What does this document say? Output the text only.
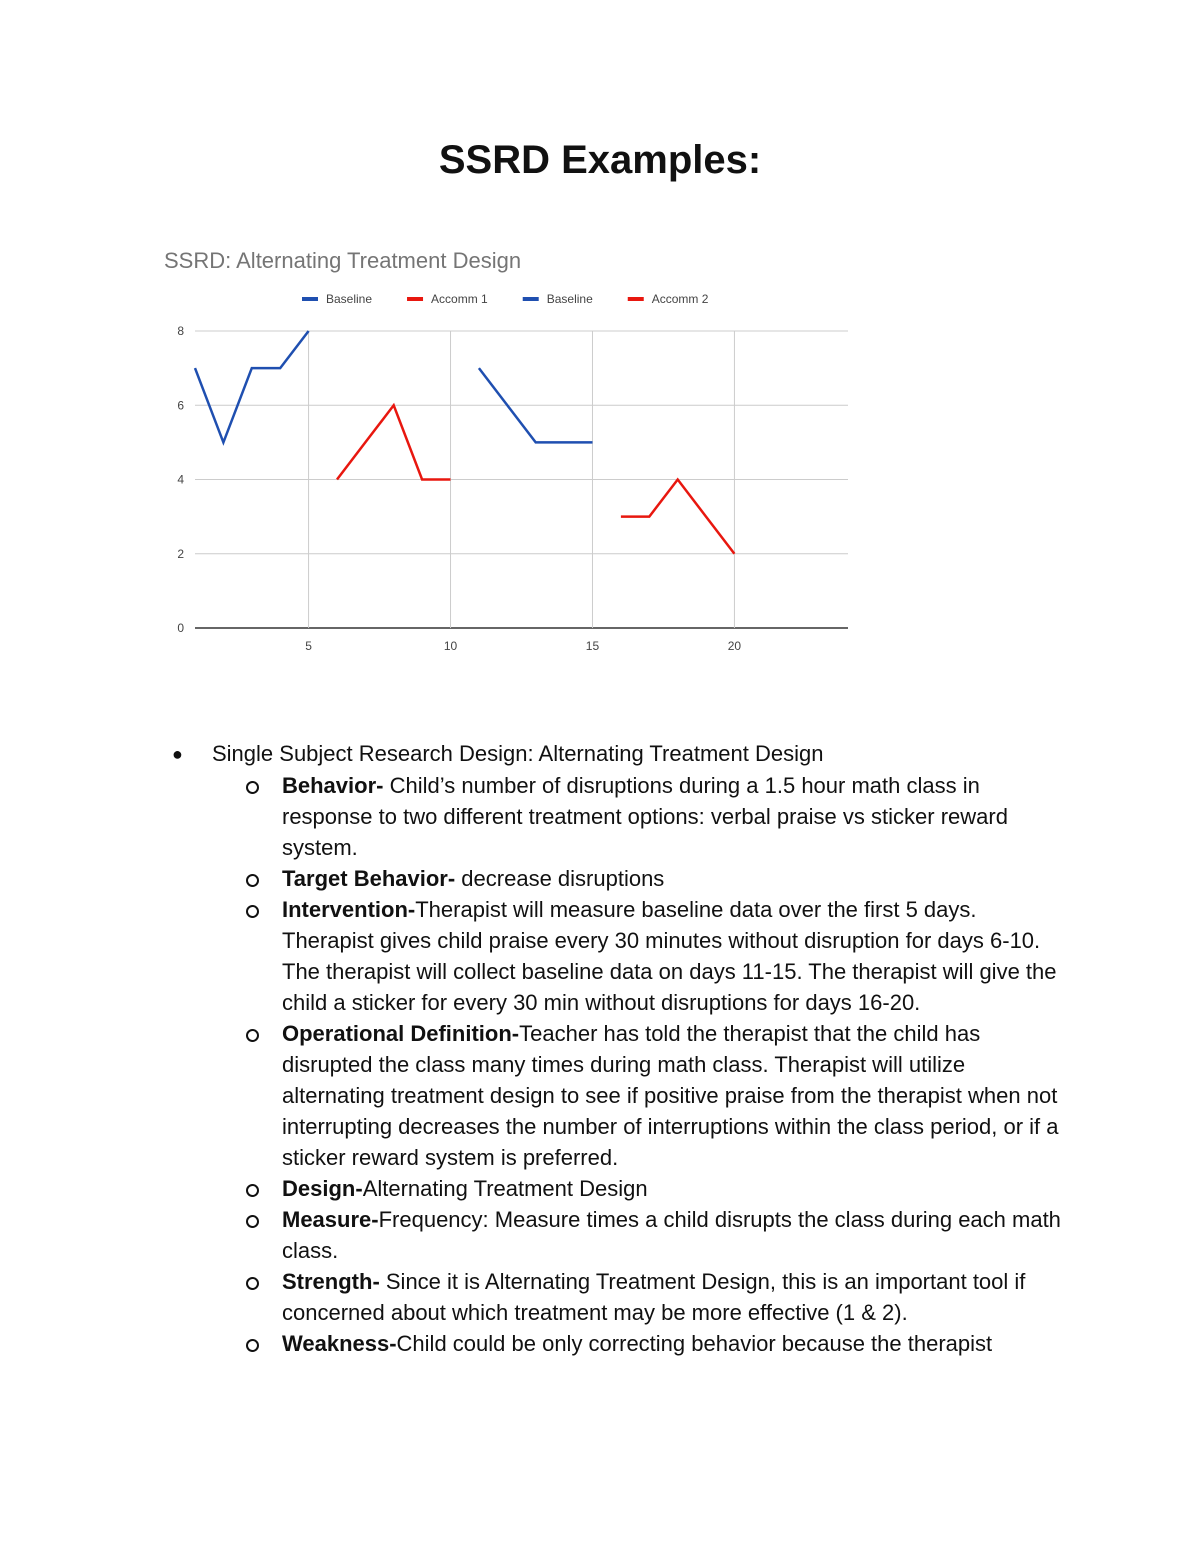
SSRD Examples:
SSRD: Alternating Treatment Design
Baseline	Accomm 1	Baseline	Accomm 2
0
2
4
6
8
5	10	15	20
●	Single Subject Research Design: Alternating Treatment Design
Behavior- Child’s number of disruptions during a 1.5 hour math class in response to two different treatment options: verbal praise vs sticker reward system.
Target Behavior- decrease disruptions
Intervention-Therapist will measure baseline data over the first 5 days. Therapist gives child praise every 30 minutes without disruption for days 6-10. The therapist will collect baseline data on days 11-15. The therapist will give the child a sticker for every 30 min without disruptions for days 16-20.
Operational Definition-Teacher has told the therapist that the child has disrupted the class many times during math class. Therapist will utilize alternating treatment design to see if positive praise from the therapist when not interrupting decreases the number of interruptions within the class period, or if a sticker reward system is preferred.
Design-Alternating Treatment Design
Measure-Frequency: Measure times a child disrupts the class during each math class.
Strength- Since it is Alternating Treatment Design, this is an important tool if concerned about which treatment may be more effective (1 & 2).
Weakness-Child could be only correcting behavior because the therapist
